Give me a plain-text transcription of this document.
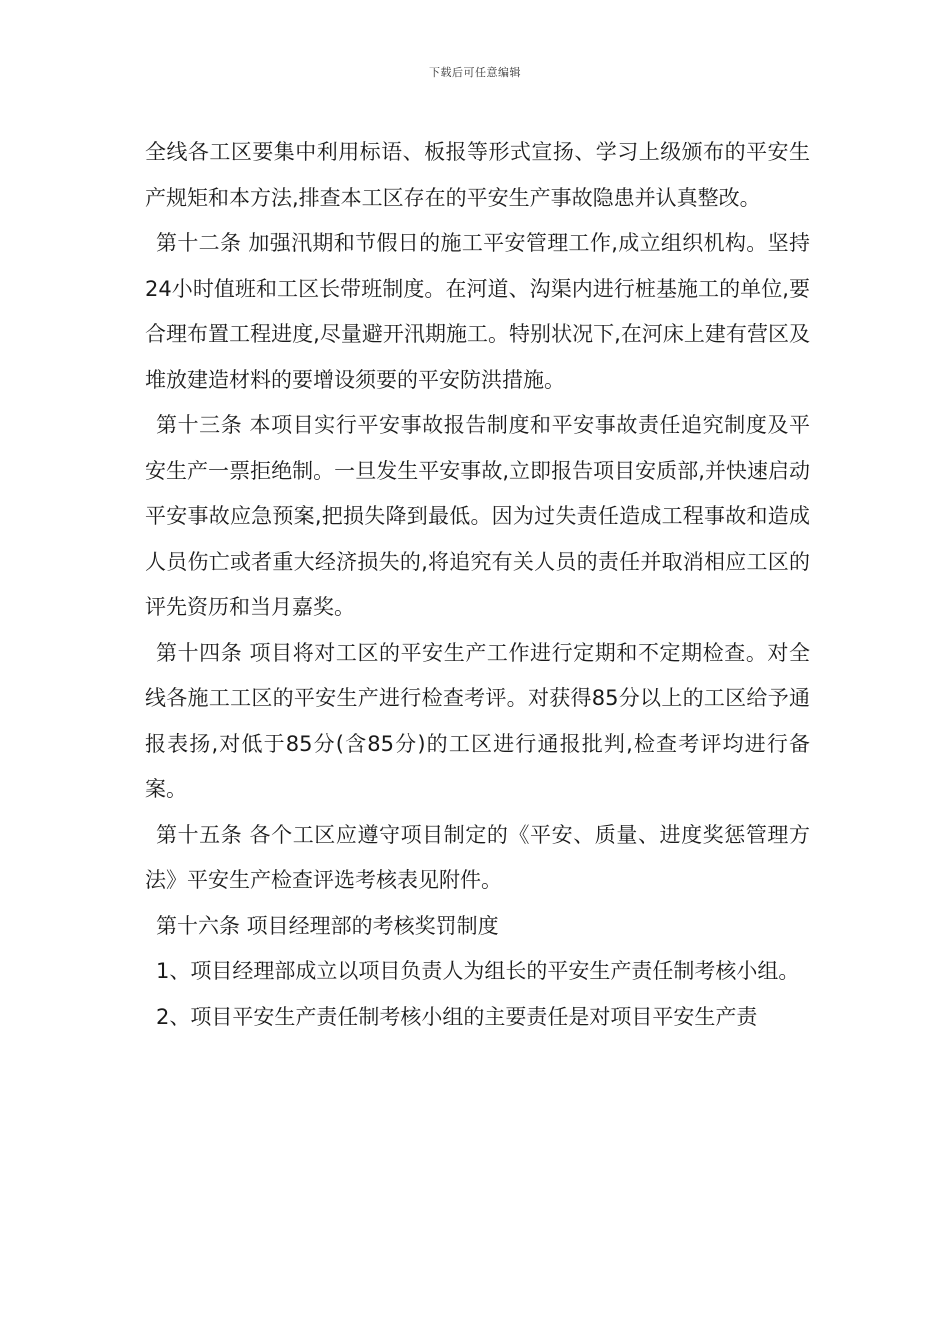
下载后可任意编辑

全线各工区要集中利用标语、板报等形式宣扬、学习上级颁布的平安生产规矩和本方法,排查本工区存在的平安生产事故隐患并认真整改。

第十二条 加强汛期和节假日的施工平安管理工作,成立组织机构。坚持24小时值班和工区长带班制度。在河道、沟渠内进行桩基施工的单位,要合理布置工程进度,尽量避开汛期施工。特别状况下,在河床上建有营区及堆放建造材料的要增设须要的平安防洪措施。

第十三条 本项目实行平安事故报告制度和平安事故责任追究制度及平安生产一票拒绝制。一旦发生平安事故,立即报告项目安质部,并快速启动平安事故应急预案,把损失降到最低。因为过失责任造成工程事故和造成人员伤亡或者重大经济损失的,将追究有关人员的责任并取消相应工区的评先资历和当月嘉奖。

第十四条 项目将对工区的平安生产工作进行定期和不定期检查。对全线各施工工区的平安生产进行检查考评。对获得85分以上的工区给予通报表扬,对低于85分(含85分)的工区进行通报批判,检查考评均进行备案。

第十五条 各个工区应遵守项目制定的《平安、质量、进度奖惩管理方法》平安生产检查评选考核表见附件。

第十六条 项目经理部的考核奖罚制度

1、项目经理部成立以项目负责人为组长的平安生产责任制考核小组。

2、项目平安生产责任制考核小组的主要责任是对项目平安生产责
